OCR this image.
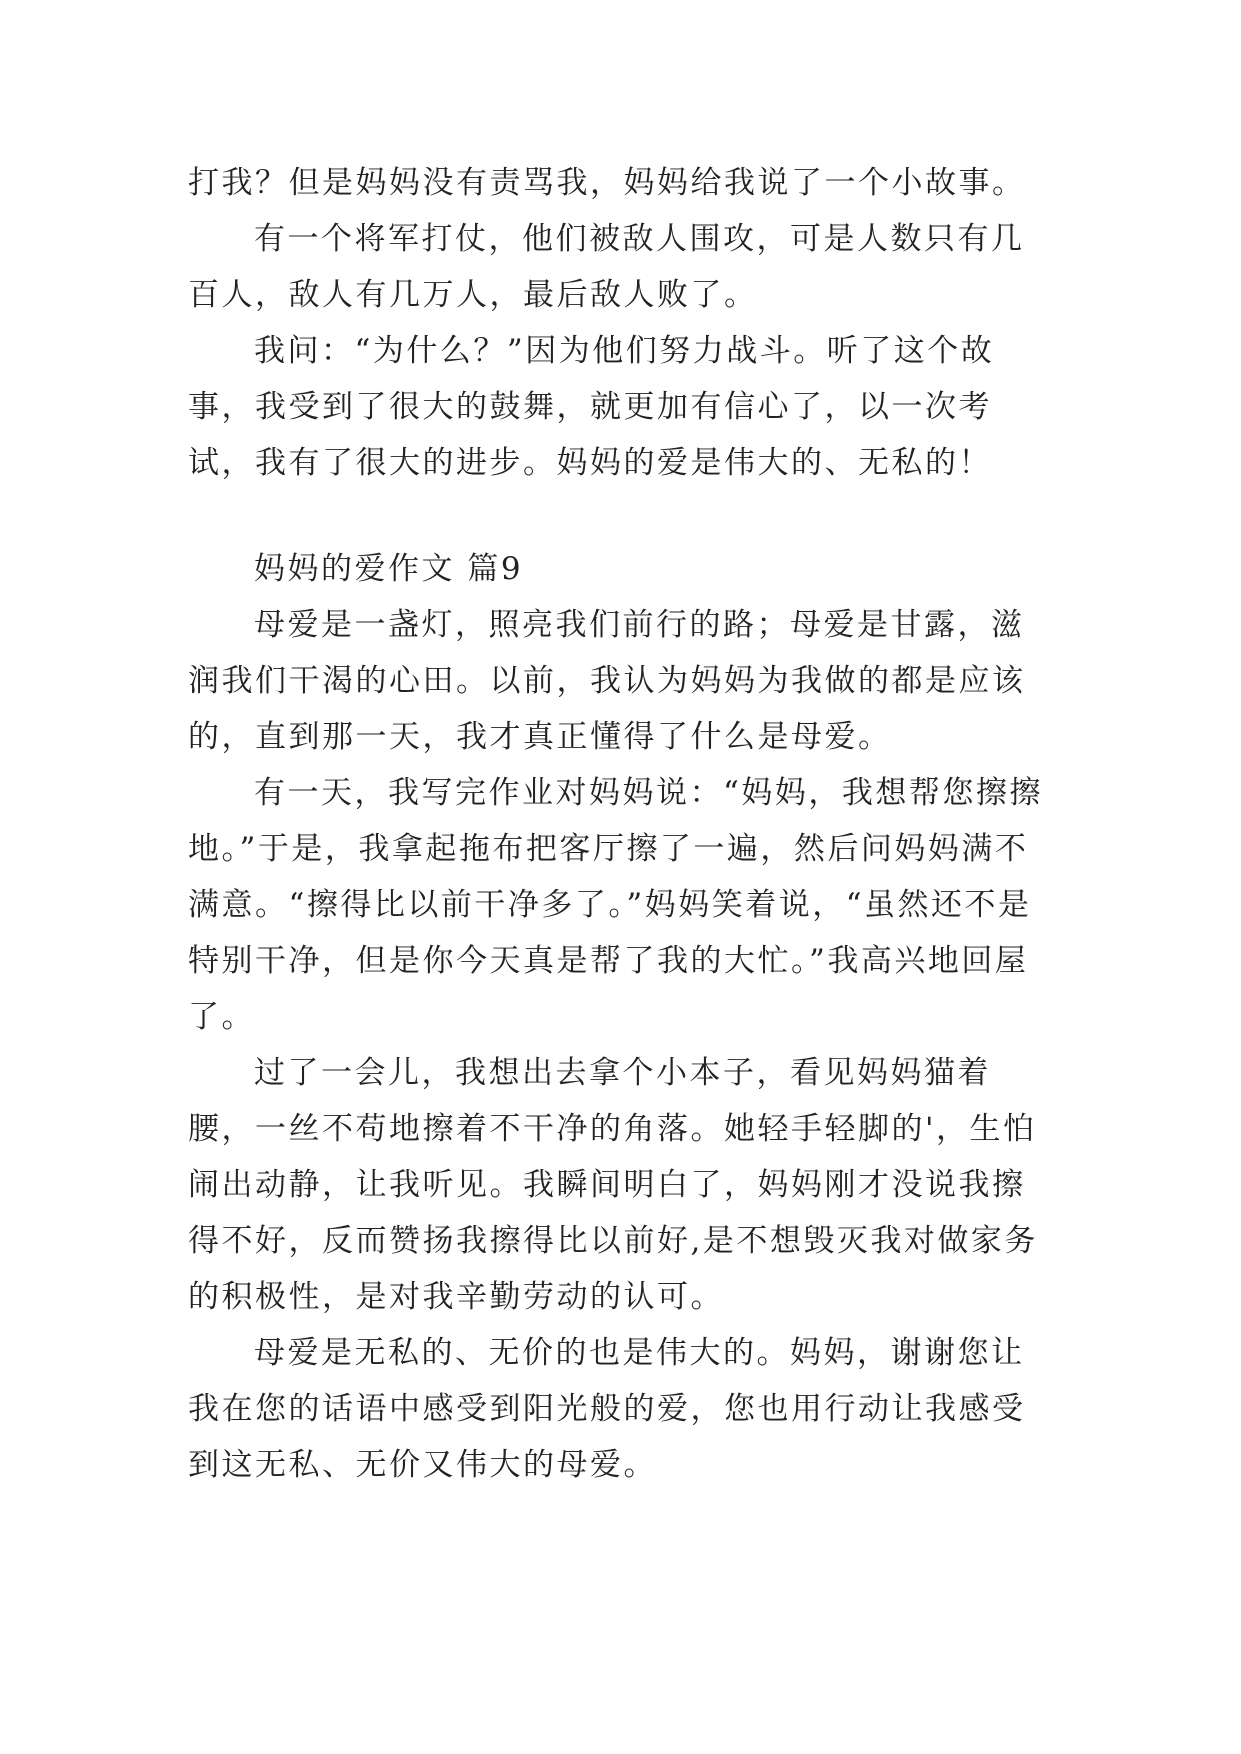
打我？但是妈妈没有责骂我，妈妈给我说了一个小故事。

有一个将军打仗，他们被敌人围攻，可是人数只有几百人，敌人有几万人，最后敌人败了。

我问：“为什么？”因为他们努力战斗。听了这个故事，我受到了很大的鼓舞，就更加有信心了，以一次考试，我有了很大的进步。妈妈的爱是伟大的、无私的！

妈妈的爱作文 篇9

母爱是一盏灯，照亮我们前行的路；母爱是甘露，滋润我们干渴的心田。以前，我认为妈妈为我做的都是应该的，直到那一天，我才真正懂得了什么是母爱。

有一天，我写完作业对妈妈说：“妈妈，我想帮您擦擦地。”于是，我拿起拖布把客厅擦了一遍，然后问妈妈满不满意。“擦得比以前干净多了。”妈妈笑着说，“虽然还不是特别干净，但是你今天真是帮了我的大忙。”我高兴地回屋了。

过了一会儿，我想出去拿个小本子，看见妈妈猫着腰，一丝不苟地擦着不干净的角落。她轻手轻脚的'，生怕闹出动静，让我听见。我瞬间明白了，妈妈刚才没说我擦得不好，反而赞扬我擦得比以前好,是不想毁灭我对做家务的积极性，是对我辛勤劳动的认可。

母爱是无私的、无价的也是伟大的。妈妈，谢谢您让我在您的话语中感受到阳光般的爱，您也用行动让我感受到这无私、无价又伟大的母爱。
